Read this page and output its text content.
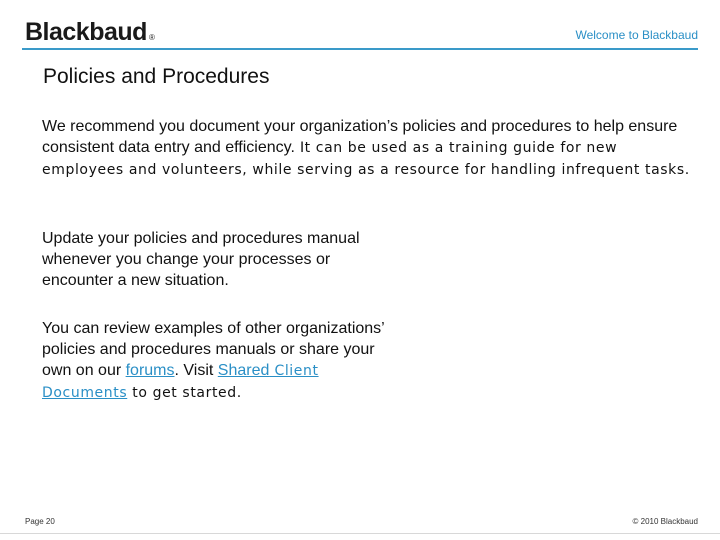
Blackbaud ®	Welcome to Blackbaud
Policies and Procedures

We recommend you document your organization’s policies and procedures to help ensure consistent data entry and efficiency. It can be used as a training guide for new employees and volunteers, while serving as a resource for handling infrequent tasks.

Update your policies and procedures manual whenever you change your processes or encounter a new situation.

You can review examples of other organizations’ policies and procedures manuals or share your own on our forums. Visit Shared Client Documents to get started.

Page 20	© 2010 Blackbaud
